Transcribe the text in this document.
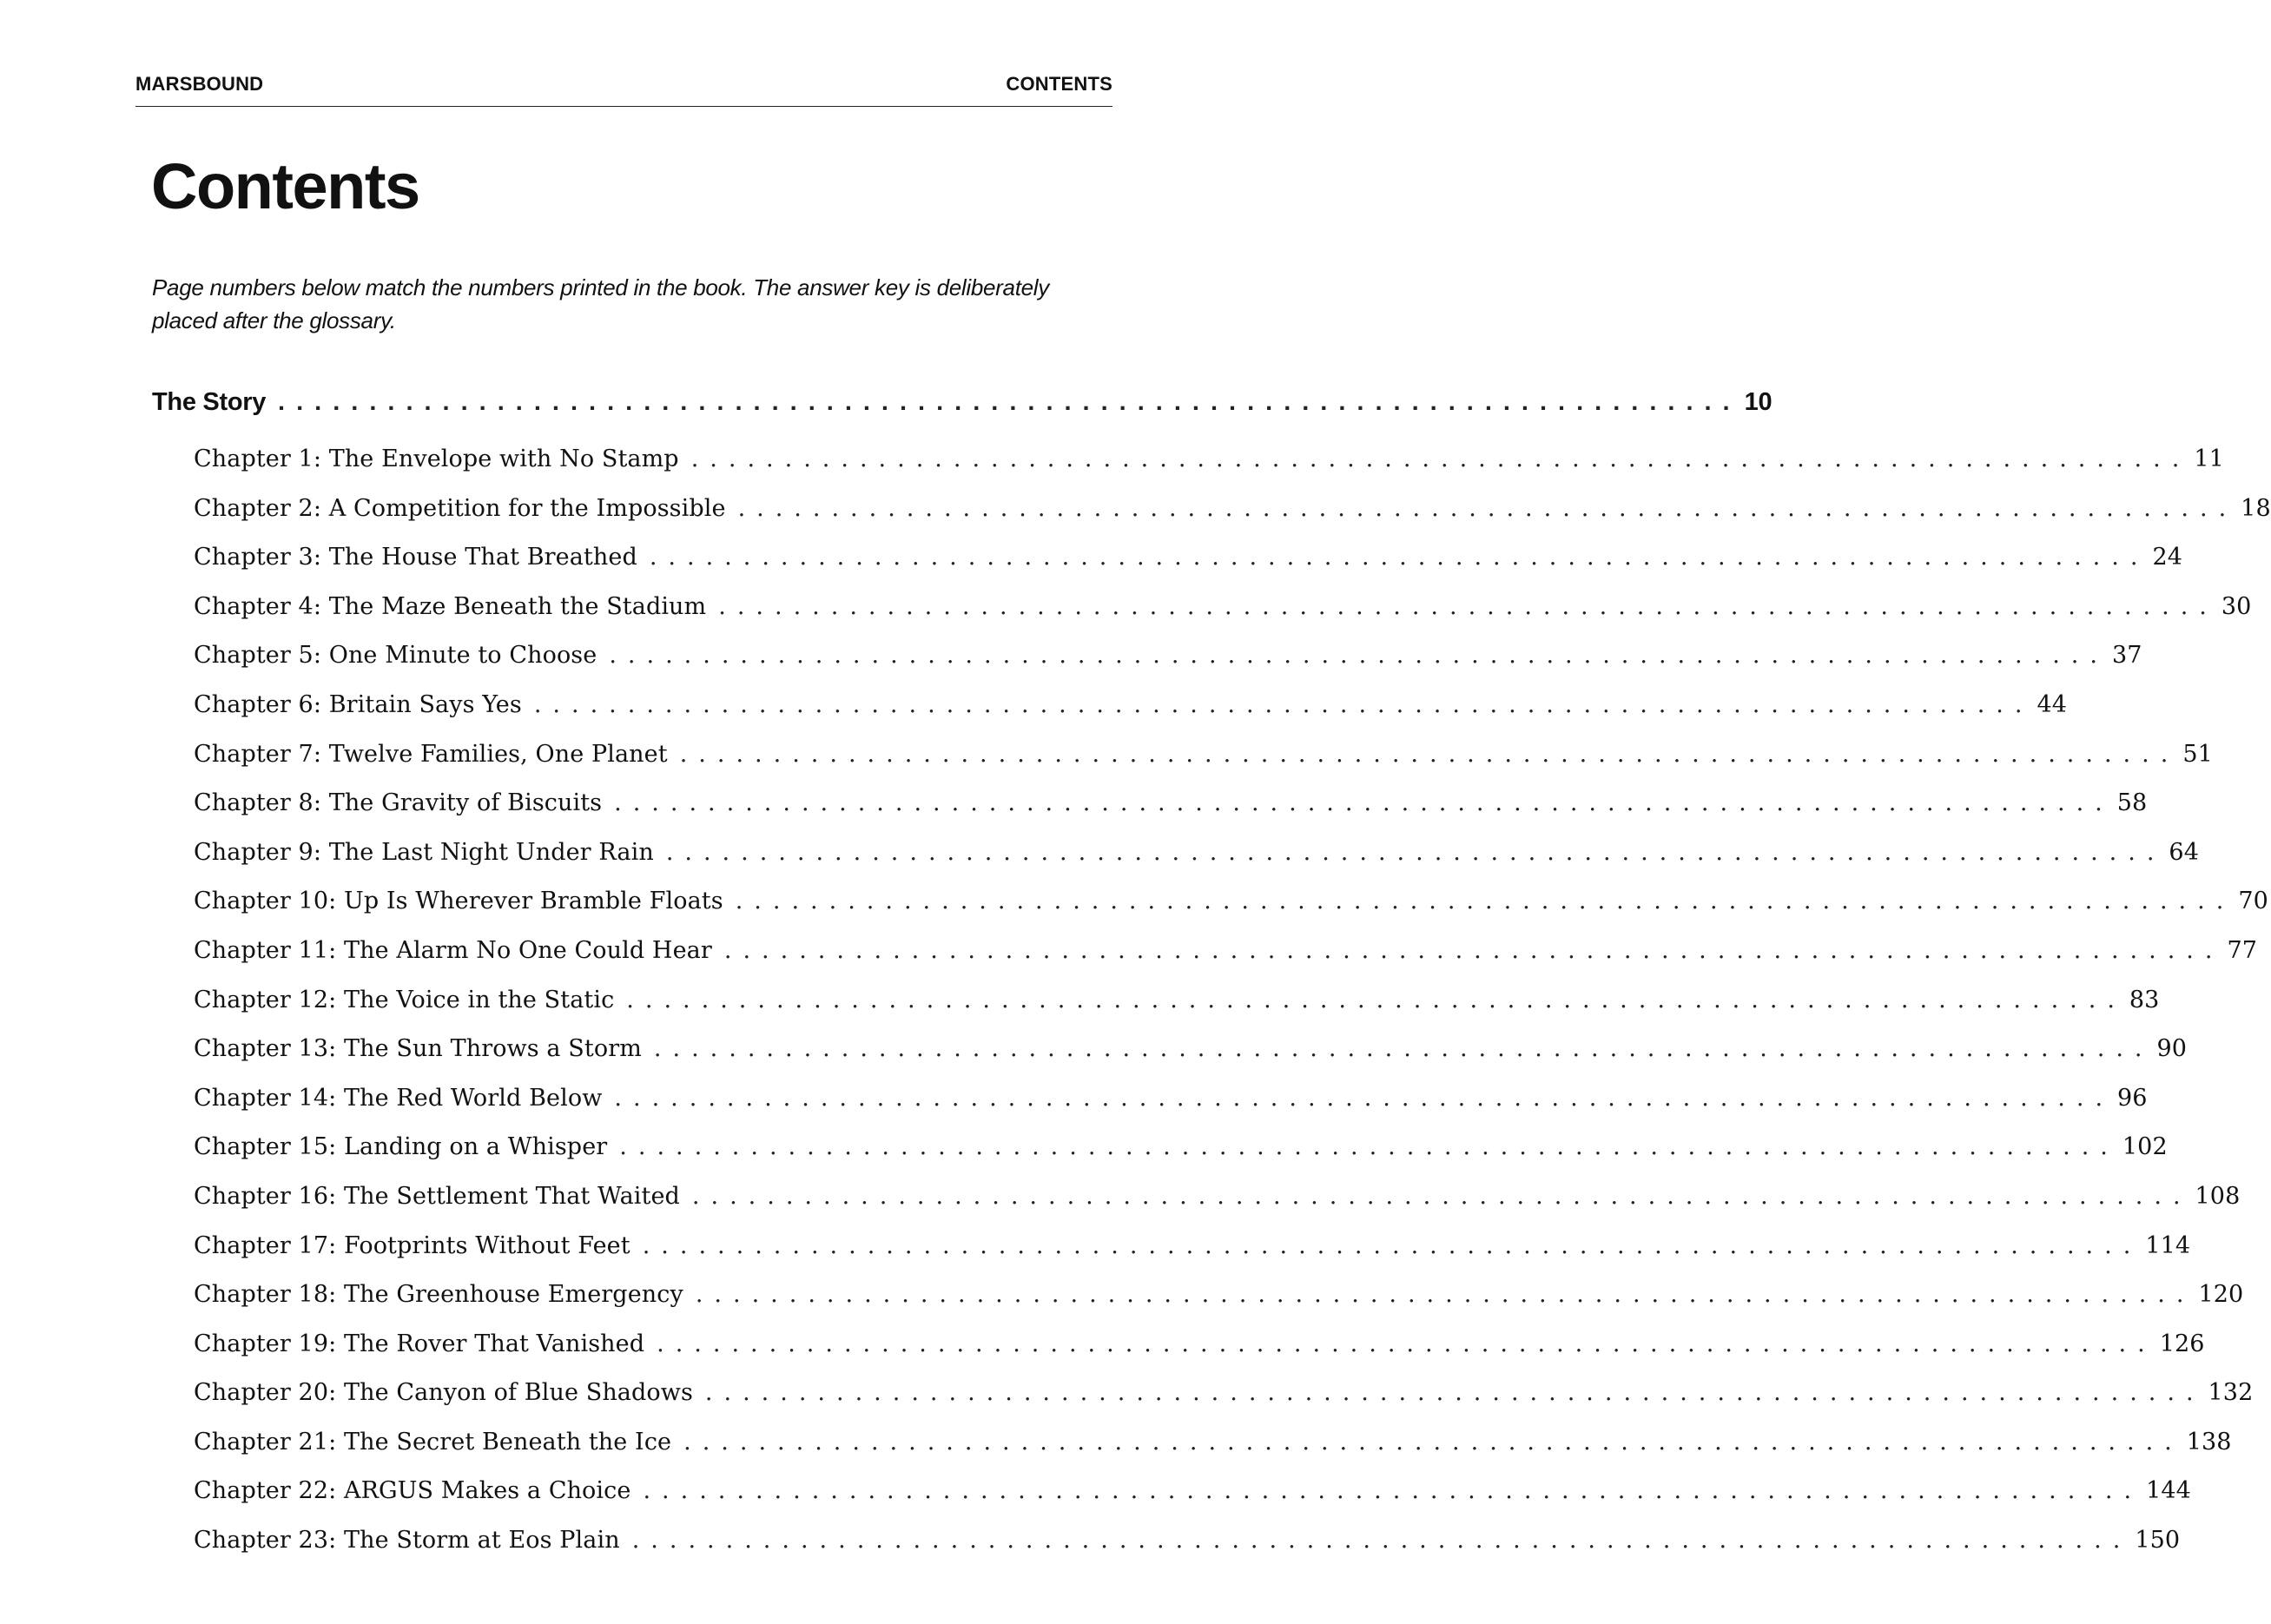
MARSBOUND	CONTENTS
Contents

Page numbers below match the numbers printed in the book. The answer key is deliberately placed after the glossary.

The Story ................................................................................ 10
Chapter 1: The Envelope with No Stamp ................................................................................ 11
Chapter 2: A Competition for the Impossible ................................................................................ 18
Chapter 3: The House That Breathed ................................................................................ 24
Chapter 4: The Maze Beneath the Stadium ................................................................................ 30
Chapter 5: One Minute to Choose ................................................................................ 37
Chapter 6: Britain Says Yes ................................................................................ 44
Chapter 7: Twelve Families, One Planet ................................................................................ 51
Chapter 8: The Gravity of Biscuits ................................................................................ 58
Chapter 9: The Last Night Under Rain ................................................................................ 64
Chapter 10: Up Is Wherever Bramble Floats ................................................................................ 70
Chapter 11: The Alarm No One Could Hear ................................................................................ 77
Chapter 12: The Voice in the Static ................................................................................ 83
Chapter 13: The Sun Throws a Storm ................................................................................ 90
Chapter 14: The Red World Below ................................................................................ 96
Chapter 15: Landing on a Whisper ................................................................................ 102
Chapter 16: The Settlement That Waited ................................................................................ 108
Chapter 17: Footprints Without Feet ................................................................................ 114
Chapter 18: The Greenhouse Emergency ................................................................................ 120
Chapter 19: The Rover That Vanished ................................................................................ 126
Chapter 20: The Canyon of Blue Shadows ................................................................................ 132
Chapter 21: The Secret Beneath the Ice ................................................................................ 138
Chapter 22: ARGUS Makes a Choice ................................................................................ 144
Chapter 23: The Storm at Eos Plain ................................................................................ 150
